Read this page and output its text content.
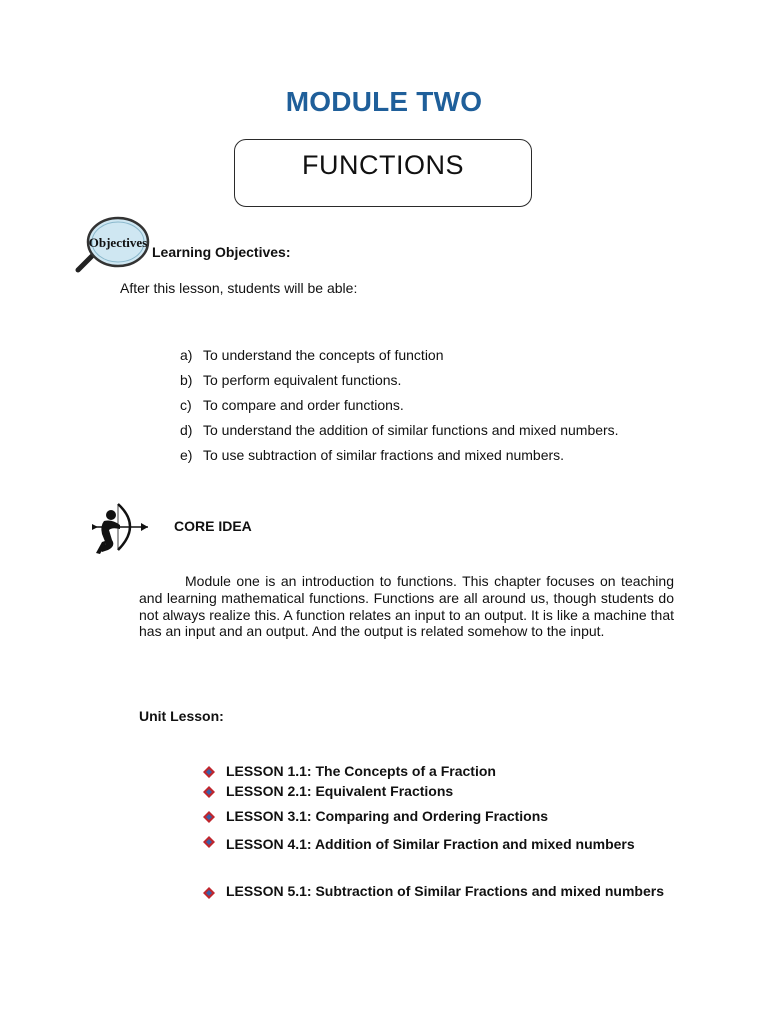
MODULE TWO
FUNCTIONS
Objectives
Learning Objectives:
After this lesson, students will be able:
a) To understand the concepts of function
b) To perform equivalent functions.
c) To compare and order functions.
d) To understand the addition of similar functions and mixed numbers.
e) To use subtraction of similar fractions and mixed numbers.
CORE IDEA
Module one is an introduction to functions. This chapter focuses on teaching and learning mathematical functions. Functions are all around us, though students do not always realize this. A function relates an input to an output. It is like a machine that has an input and an output. And the output is related somehow to the input.
Unit Lesson:
LESSON 1.1: The Concepts of a Fraction
LESSON 2.1: Equivalent Fractions
LESSON 3.1: Comparing and Ordering Fractions
LESSON 4.1: Addition of Similar Fraction and mixed numbers
LESSON 5.1: Subtraction of Similar Fractions and mixed numbers
